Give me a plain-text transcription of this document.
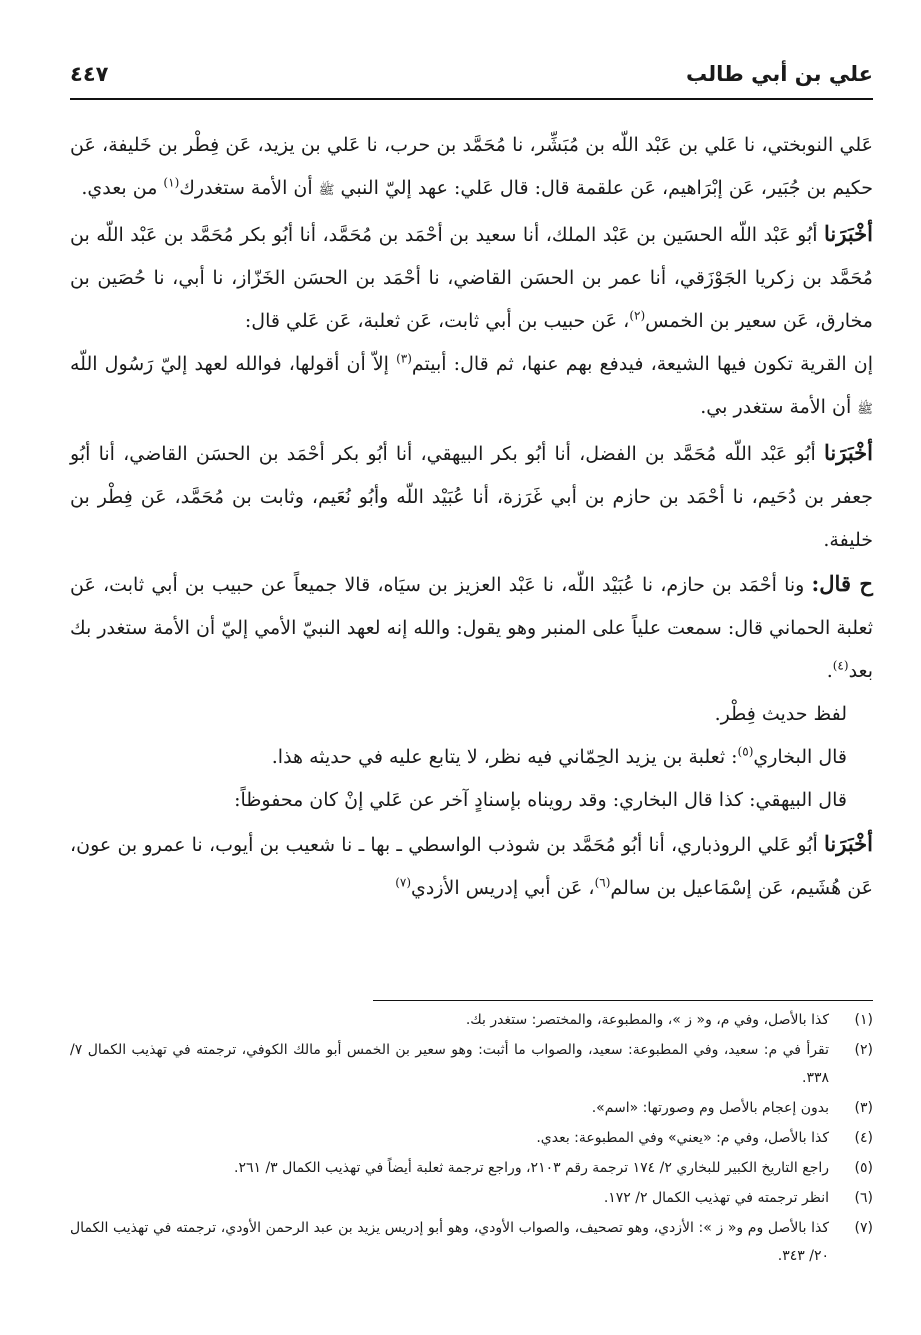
علي بن أبي طالب
٤٤٧

عَلي النوبختي، نا عَلي بن عَبْد اللّه بن مُبَشِّر، نا مُحَمَّد بن حرب، نا عَلي بن يزيد، عَن فِطْر بن خَليفة، عَن حكيم بن جُبَير، عَن إبْرَاهيم، عَن علقمة قال: قال عَلي: عهد إليّ النبي ﷺ أن الأمة ستغدرك$^{(١)}$ من بعدي.

أخْبَرَنا أبُو عَبْد اللّه الحسَين بن عَبْد الملك، أنا سعيد بن أحْمَد بن مُحَمَّد، أنا أبُو بكر مُحَمَّد بن عَبْد اللّه بن مُحَمَّد بن زكريا الجَوْزَقي، أنا عمر بن الحسَن القاضي، نا أحْمَد بن الحسَن الخَزّاز، نا أبي، نا حُصَين بن مخارق، عَن سعير بن الخمس$^{(٢)}$، عَن حبيب بن أبي ثابت، عَن ثعلبة، عَن عَلي قال:

إن القرية تكون فيها الشيعة، فيدفع بهم عنها، ثم قال: أبيتم$^{(٣)}$ إلاّ أن أقولها، فوالله لعهد إليّ رَسُول اللّه ﷺ أن الأمة ستغدر بي.

أخْبَرَنا أبُو عَبْد اللّه مُحَمَّد بن الفضل، أنا أبُو بكر البيهقي، أنا أبُو بكر أحْمَد بن الحسَن القاضي، أنا أبُو جعفر بن دُحَيم، نا أحْمَد بن حازم بن أبي غَرَزة، أنا عُبَيْد اللّه وأبُو نُعَيم، وثابت بن مُحَمَّد، عَن فِطْر بن خليفة.

ح قال: ونا أحْمَد بن حازم، نا عُبَيْد اللّه، نا عَبْد العزيز بن سيَاه، قالا جميعاً عن حبيب بن أبي ثابت، عَن ثعلبة الحماني قال: سمعت علياً على المنبر وهو يقول: والله إنه لعهد النبيّ الأمي إليّ أن الأمة ستغدر بك بعد$^{(٤)}$.

لفظ حديث فِطْر.

قال البخاري$^{(٥)}$: ثعلبة بن يزيد الحِمّاني فيه نظر، لا يتابع عليه في حديثه هذا.

قال البيهقي: كذا قال البخاري: وقد رويناه بإسنادٍ آخر عن عَلي إنْ كان محفوظاً:

أخْبَرَنا أبُو عَلي الروذباري، أنا أبُو مُحَمَّد بن شوذب الواسطي ـ بها ـ نا شعيب بن أيوب، نا عمرو بن عون، عَن هُشَيم، عَن إسْمَاعيل بن سالم$^{(٦)}$، عَن أبي إدريس الأزدي$^{(٧)}$

(١)
كذا بالأصل، وفي م، و« ز »، والمطبوعة، والمختصر: ستغدر بك.
(٢)
تقرأ في م: سعيد، وفي المطبوعة: سعيد، والصواب ما أثبت: وهو سعير بن الخمس أبو مالك الكوفي، ترجمته في تهذيب الكمال ٧/ ٣٣٨.
(٣)
بدون إعجام بالأصل وم وصورتها: «اسم».
(٤)
كذا بالأصل، وفي م: «يعني» وفي المطبوعة: بعدي.
(٥)
راجع التاريخ الكبير للبخاري ٢/ ١٧٤ ترجمة رقم ٢١٠٣، وراجع ترجمة ثعلبة أيضاً في تهذيب الكمال ٣/ ٢٦١.
(٦)
انظر ترجمته في تهذيب الكمال ٢/ ١٧٢.
(٧)
كذا بالأصل وم و« ز »: الأزدي، وهو تصحيف، والصواب الأودي، وهو أبو إدريس يزيد بن عبد الرحمن الأودي، ترجمته في تهذيب الكمال ٢٠/ ٣٤٣.
